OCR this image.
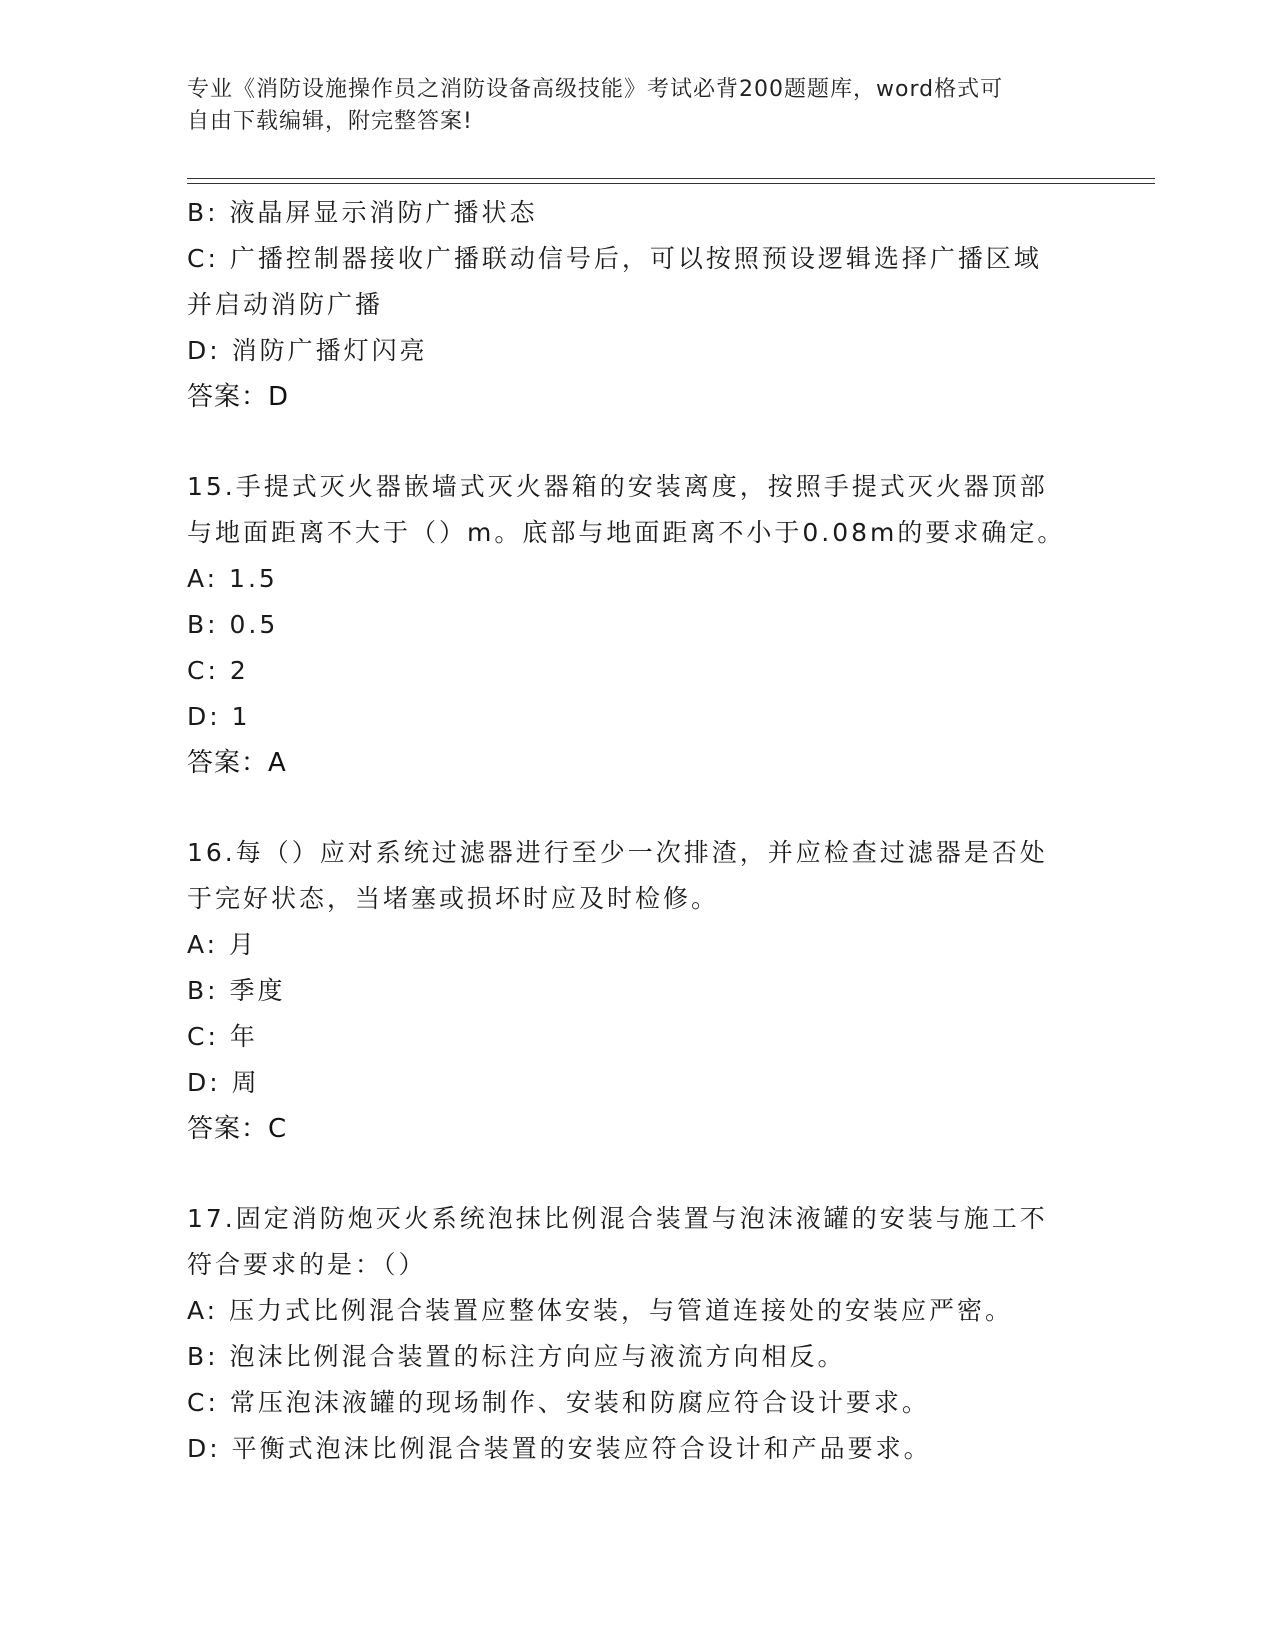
专业《消防设施操作员之消防设备高级技能》考试必背200题题库，word格式可
自由下载编辑，附完整答案!
B: 液晶屏显示消防广播状态
C: 广播控制器接收广播联动信号后，可以按照预设逻辑选择广播区域
并启动消防广播
D: 消防广播灯闪亮
答案：D
15.手提式灭火器嵌墙式灭火器箱的安装离度，按照手提式灭火器顶部
与地面距离不大于（）m。底部与地面距离不小于0.08m的要求确定。
A: 1.5
B: 0.5
C: 2
D: 1
答案：A
16.每（）应对系统过滤器进行至少一次排渣，并应检查过滤器是否处
于完好状态，当堵塞或损坏时应及时检修。
A: 月
B: 季度
C: 年
D: 周
答案：C
17.固定消防炮灭火系统泡抹比例混合装置与泡沫液罐的安装与施工不
符合要求的是：（）
A: 压力式比例混合装置应整体安装，与管道连接处的安装应严密。
B: 泡沫比例混合装置的标注方向应与液流方向相反。
C: 常压泡沫液罐的现场制作、安装和防腐应符合设计要求。
D: 平衡式泡沫比例混合装置的安装应符合设计和产品要求。
